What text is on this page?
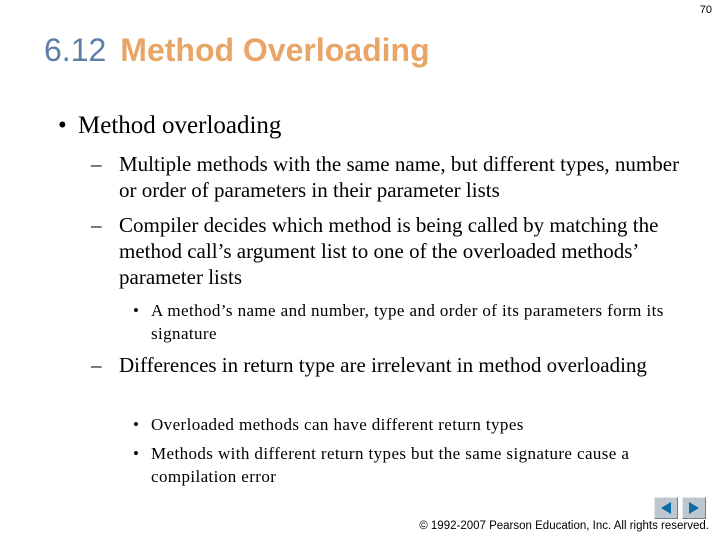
70
6.12 Method Overloading
• Method overloading
– Multiple methods with the same name, but different types, number or order of parameters in their parameter lists
– Compiler decides which method is being called by matching the method call’s argument list to one of the overloaded methods’ parameter lists
• A method’s name and number, type and order of its parameters form its signature
– Differences in return type are irrelevant in method overloading
• Overloaded methods can have different return types
• Methods with different return types but the same signature cause a compilation error
© 1992-2007 Pearson Education, Inc. All rights reserved.
